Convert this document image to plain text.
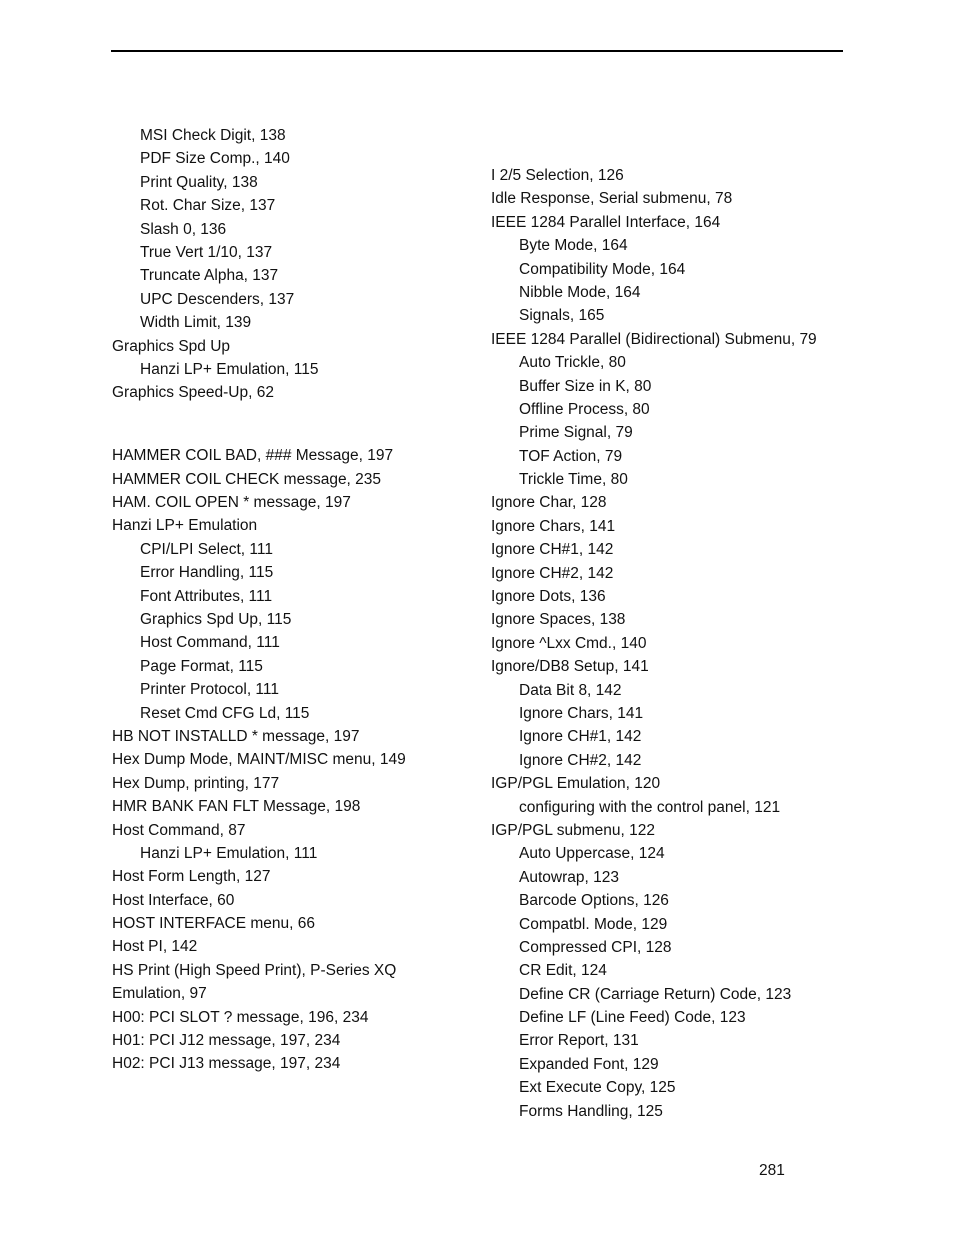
MSI Check Digit, 138
PDF Size Comp., 140
Print Quality, 138
Rot. Char Size, 137
Slash 0, 136
True Vert 1/10, 137
Truncate Alpha, 137
UPC Descenders, 137
Width Limit, 139
Graphics Spd Up
Hanzi LP+ Emulation, 115
Graphics Speed-Up, 62
HAMMER COIL BAD, ### Message, 197
HAMMER COIL CHECK message, 235
HAM. COIL OPEN * message, 197
Hanzi LP+ Emulation
CPI/LPI Select, 111
Error Handling, 115
Font Attributes, 111
Graphics Spd Up, 115
Host Command, 111
Page Format, 115
Printer Protocol, 111
Reset Cmd CFG Ld, 115
HB NOT INSTALLD * message, 197
Hex Dump Mode, MAINT/MISC menu, 149
Hex Dump, printing, 177
HMR BANK FAN FLT Message, 198
Host Command, 87
Hanzi LP+ Emulation, 111
Host Form Length, 127
Host Interface, 60
HOST INTERFACE menu, 66
Host PI, 142
HS Print (High Speed Print), P-Series XQ
Emulation, 97
H00: PCI SLOT ? message, 196, 234
H01: PCI J12 message, 197, 234
H02: PCI J13 message, 197, 234
I 2/5 Selection, 126
Idle Response, Serial submenu, 78
IEEE 1284 Parallel Interface, 164
Byte Mode, 164
Compatibility Mode, 164
Nibble Mode, 164
Signals, 165
IEEE 1284 Parallel (Bidirectional) Submenu, 79
Auto Trickle, 80
Buffer Size in K, 80
Offline Process, 80
Prime Signal, 79
TOF Action, 79
Trickle Time, 80
Ignore Char, 128
Ignore Chars, 141
Ignore CH#1, 142
Ignore CH#2, 142
Ignore Dots, 136
Ignore Spaces, 138
Ignore ^Lxx Cmd., 140
Ignore/DB8 Setup, 141
Data Bit 8, 142
Ignore Chars, 141
Ignore CH#1, 142
Ignore CH#2, 142
IGP/PGL Emulation, 120
configuring with the control panel, 121
IGP/PGL submenu, 122
Auto Uppercase, 124
Autowrap, 123
Barcode Options, 126
Compatbl. Mode, 129
Compressed CPI, 128
CR Edit, 124
Define CR (Carriage Return) Code, 123
Define LF (Line Feed) Code, 123
Error Report, 131
Expanded Font, 129
Ext Execute Copy, 125
Forms Handling, 125
281
